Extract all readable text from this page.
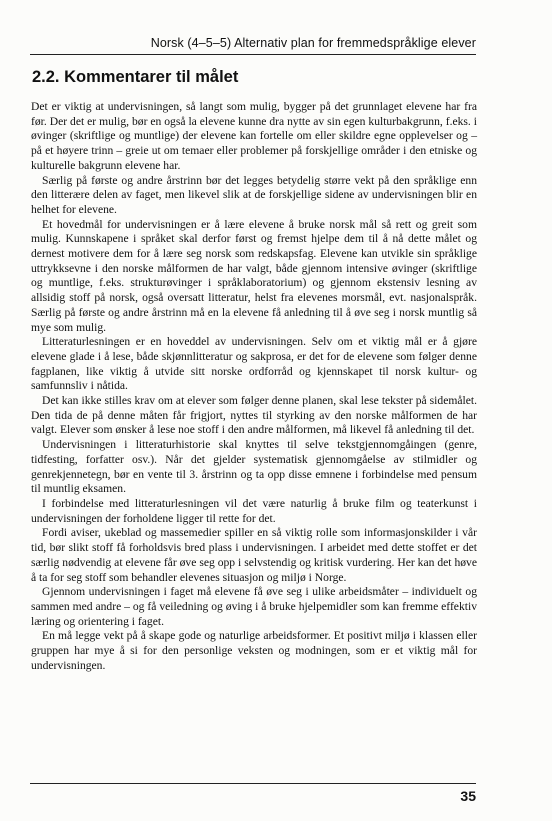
Norsk (4–5–5) Alternativ plan for fremmedspråklige elever
2.2. Kommentarer til målet

Det er viktig at undervisningen, så langt som mulig, bygger på det grunnlaget elevene har fra før. Der det er mulig, bør en også la elevene kunne dra nytte av sin egen kulturbakgrunn, f.eks. i øvinger (skriftlige og muntlige) der elevene kan fortelle om eller skildre egne opplevelser og – på et høyere trinn – greie ut om temaer eller problemer på forskjellige områder i den etniske og kulturelle bakgrunn elevene har.

Særlig på første og andre årstrinn bør det legges betydelig større vekt på den språklige enn den litterære delen av faget, men likevel slik at de forskjellige sidene av undervisningen blir en helhet for elevene.

Et hovedmål for undervisningen er å lære elevene å bruke norsk mål så rett og greit som mulig. Kunnskapene i språket skal derfor først og fremst hjelpe dem til å nå dette målet og dernest motivere dem for å lære seg norsk som redskapsfag. Elevene kan utvikle sin språklige uttrykksevne i den norske målformen de har valgt, både gjennom intensive øvinger (skriftlige og muntlige, f.eks. strukturøvinger i språklaboratorium) og gjennom ekstensiv lesning av allsidig stoff på norsk, også oversatt litteratur, helst fra elevenes morsmål, evt. nasjonalspråk. Særlig på første og andre årstrinn må en la elevene få anledning til å øve seg i norsk muntlig så mye som mulig.

Litteraturlesningen er en hoveddel av undervisningen. Selv om et viktig mål er å gjøre elevene glade i å lese, både skjønnlitteratur og sakprosa, er det for de elevene som følger denne fagplanen, like viktig å utvide sitt norske ordforråd og kjennskapet til norsk kultur- og samfunnsliv i nåtida.

Det kan ikke stilles krav om at elever som følger denne planen, skal lese tekster på sidemålet. Den tida de på denne måten får frigjort, nyttes til styrking av den norske målformen de har valgt. Elever som ønsker å lese noe stoff i den andre målformen, må likevel få anledning til det.

Undervisningen i litteraturhistorie skal knyttes til selve tekstgjennomgåingen (genre, tidfesting, forfatter osv.). Når det gjelder systematisk gjennomgåelse av stilmidler og genrekjennetegn, bør en vente til 3. årstrinn og ta opp disse emnene i forbindelse med pensum til muntlig eksamen.

I forbindelse med litteraturlesningen vil det være naturlig å bruke film og teaterkunst i undervisningen der forholdene ligger til rette for det.

Fordi aviser, ukeblad og massemedier spiller en så viktig rolle som informasjonskilder i vår tid, bør slikt stoff få forholdsvis bred plass i undervisningen. I arbeidet med dette stoffet er det særlig nødvendig at elevene får øve seg opp i selvstendig og kritisk vurdering. Her kan det høve å ta for seg stoff som behandler elevenes situasjon og miljø i Norge.

Gjennom undervisningen i faget må elevene få øve seg i ulike arbeidsmåter – individuelt og sammen med andre – og få veiledning og øving i å bruke hjelpemidler som kan fremme effektiv læring og orientering i faget.

En må legge vekt på å skape gode og naturlige arbeidsformer. Et positivt miljø i klassen eller gruppen har mye å si for den personlige veksten og modningen, som er et viktig mål for undervisningen.

35
